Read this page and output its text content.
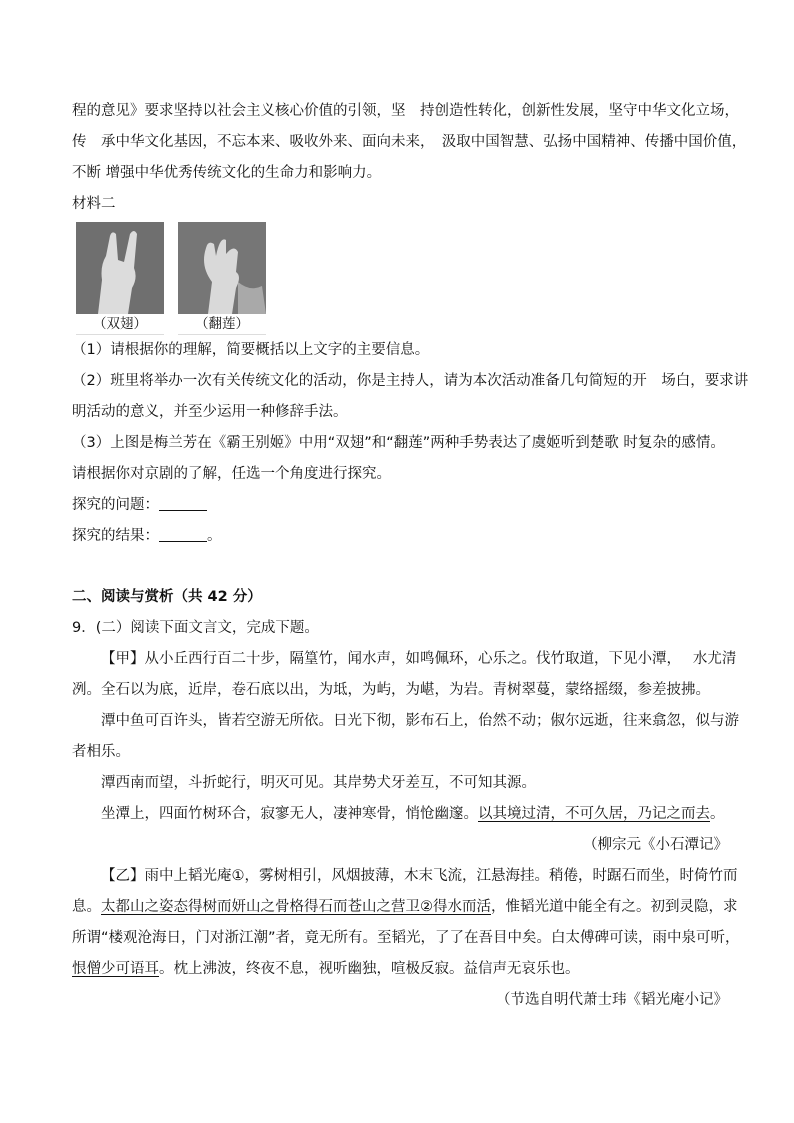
程的意见》要求坚持以社会主义核心价值的引领，坚　持创造性转化，创新性发展，坚守中华文化立场，

传　承中华文化基因，不忘本来、吸收外来、面向未来，　汲取中国智慧、弘扬中国精神、传播中国价值，

不断 增强中华优秀传统文化的生命力和影响力。

材料二

（双翅）	（翻莲）

（1）请根据你的理解，简要概括以上文字的主要信息。

（2）班里将举办一次有关传统文化的活动，你是主持人，请为本次活动准备几句简短的开　场白，要求讲

明活动的意义，并至少运用一种修辞手法。

（3）上图是梅兰芳在《霸王别姬》中用“双翅”和“翻莲”两种手势表达了虞姬听到楚歌 时复杂的感情。

请根据你对京剧的了解，任选一个角度进行探究。

探究的问题：

探究的结果：	。

二、阅读与赏析（共 42 分）

9．(二）阅读下面文言文，完成下题。

【甲】从小丘西行百二十步，隔篁竹，闻水声，如鸣佩环，心乐之。伐竹取道，下见小潭，　 水尤清

冽。全石以为底，近岸，卷石底以出，为坻，为屿，为嵁，为岩。青树翠蔓，蒙络摇缀，参差披拂。

潭中鱼可百许头，皆若空游无所依。日光下彻，影布石上，佁然不动；俶尔远逝，往来翕忽，似与游

者相乐。

潭西南而望，斗折蛇行，明灭可见。其岸势犬牙差互，不可知其源。

坐潭上，四面竹树环合，寂寥无人，凄神寒骨，悄怆幽邃。以其境过清，不可久居，乃记之而去。

（柳宗元《小石潭记》

【乙】雨中上韬光庵①，雾树相引，风烟披薄，木末飞流，江悬海挂。稍倦，时踞石而坐，时倚竹而

息。太都山之姿态得树而妍山之骨格得石而苍山之营卫②得水而活，惟韬光道中能全有之。初到灵隐，求

所谓“楼观沧海日，门对浙江潮”者，竟无所有。至韬光，了了在吾目中矣。白太傅碑可读，雨中泉可听，

恨僧少可语耳。枕上沸波，终夜不息，视听幽独，喧极反寂。益信声无哀乐也。

（节选自明代萧士玮《韬光庵小记》
